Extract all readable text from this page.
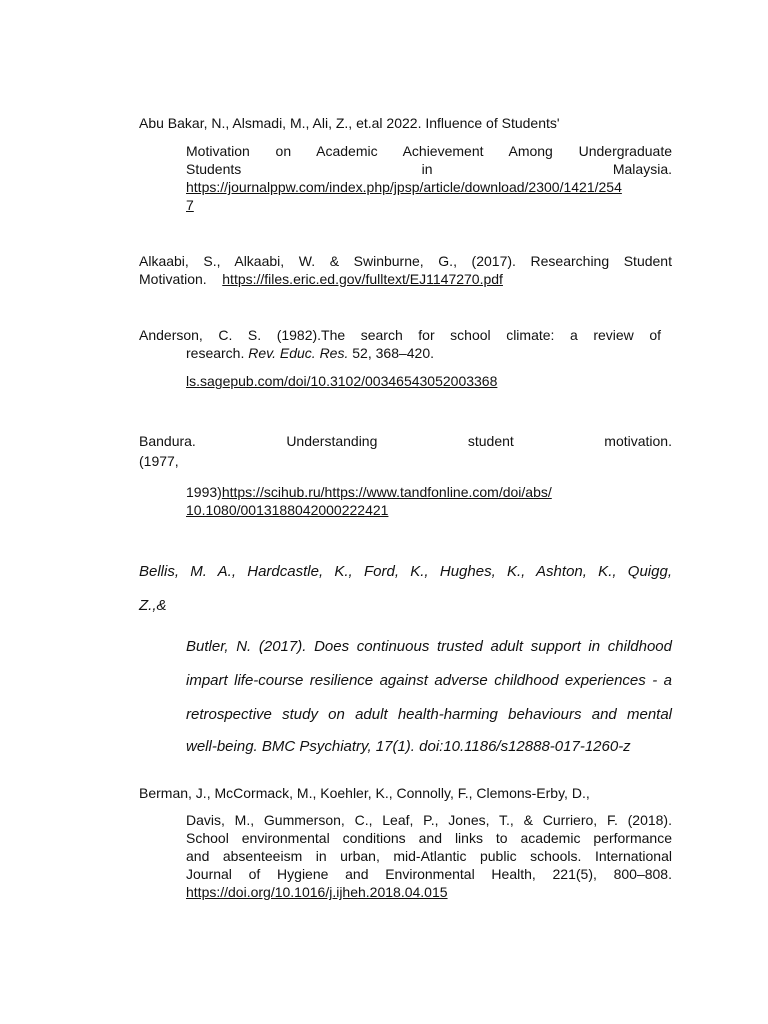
Abu Bakar, N., Alsmadi, M., Ali, Z., et.al 2022. Influence of Students'
Motivation on Academic Achievement Among Undergraduate
Students	in	Malaysia.
https://journalppw.com/index.php/jpsp/article/download/2300/1421/254
7
Alkaabi, S., Alkaabi, W. & Swinburne, G., (2017). Researching Student
Motivation. https://files.eric.ed.gov/fulltext/EJ1147270.pdf
Anderson, C. S. (1982).The search for school climate: a review of
research. Rev. Educ. Res. 52, 368–420.
ls.sagepub.com/doi/10.3102/00346543052003368
Bandura.	Understanding	student	motivation.
(1977,
1993)https://scihub.ru/https://www.tandfonline.com/doi/abs/
10.1080/0013188042000222421
Bellis, M. A., Hardcastle, K., Ford, K., Hughes, K., Ashton, K., Quigg,
Z.,&
Butler, N. (2017). Does continuous trusted adult support in childhood
impart life-course resilience against adverse childhood experiences - a
retrospective study on adult health-harming behaviours and mental
well-being. BMC Psychiatry, 17(1). doi:10.1186/s12888-017-1260-z
Berman, J., McCormack, M., Koehler, K., Connolly, F., Clemons-Erby, D.,
Davis, M., Gummerson, C., Leaf, P., Jones, T., & Curriero, F. (2018).
School environmental conditions and links to academic performance
and absenteeism in urban, mid-Atlantic public schools. International
Journal of Hygiene and Environmental Health, 221(5), 800–808.
https://doi.org/10.1016/j.ijheh.2018.04.015
